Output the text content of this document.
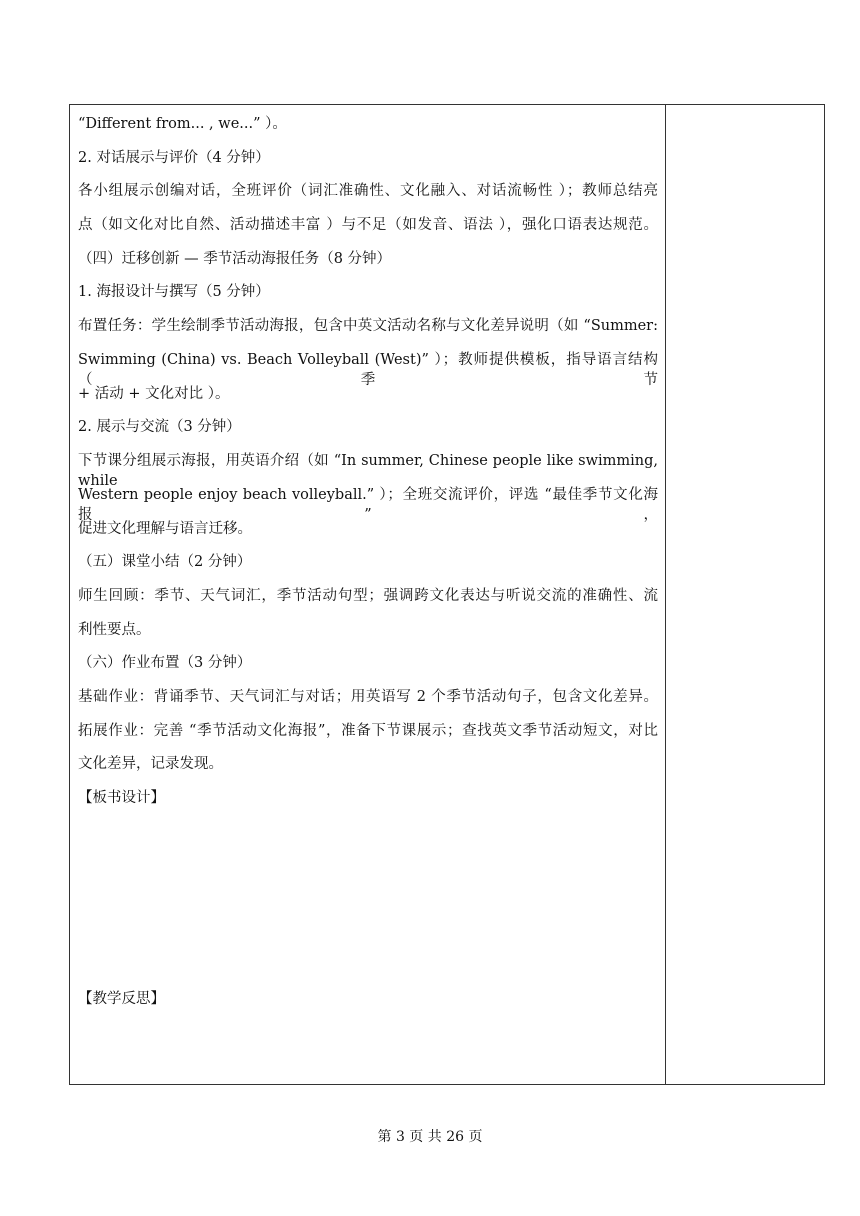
“Different from... , we...” ）。
2. 对话展示与评价（4 分钟）
各小组展示创编对话，全班评价（词汇准确性、文化融入、对话流畅性 ）；教师总结亮
点（如文化对比自然、活动描述丰富 ）与不足（如发音、语法 ），强化口语表达规范。
（四）迁移创新 — 季节活动海报任务（8 分钟）
1. 海报设计与撰写（5 分钟）
布置任务：学生绘制季节活动海报，包含中英文活动名称与文化差异说明（如 “Summer:
Swimming (China) vs. Beach Volleyball (West)” ）；教师提供模板，指导语言结构（季节
+ 活动 + 文化对比 ）。
2. 展示与交流（3 分钟）
下节课分组展示海报，用英语介绍（如 “In summer, Chinese people like swimming, while
Western people enjoy beach volleyball.” ）；全班交流评价，评选 “最佳季节文化海报”，
促进文化理解与语言迁移。
（五）课堂小结（2 分钟）
师生回顾：季节、天气词汇，季节活动句型；强调跨文化表达与听说交流的准确性、流
利性要点。
（六）作业布置（3 分钟）
基础作业：背诵季节、天气词汇与对话；用英语写 2 个季节活动句子，包含文化差异。
拓展作业：完善 “季节活动文化海报”，准备下节课展示；查找英文季节活动短文，对比
文化差异，记录发现。
【板书设计】
【教学反思】
第 3 页 共 26 页
